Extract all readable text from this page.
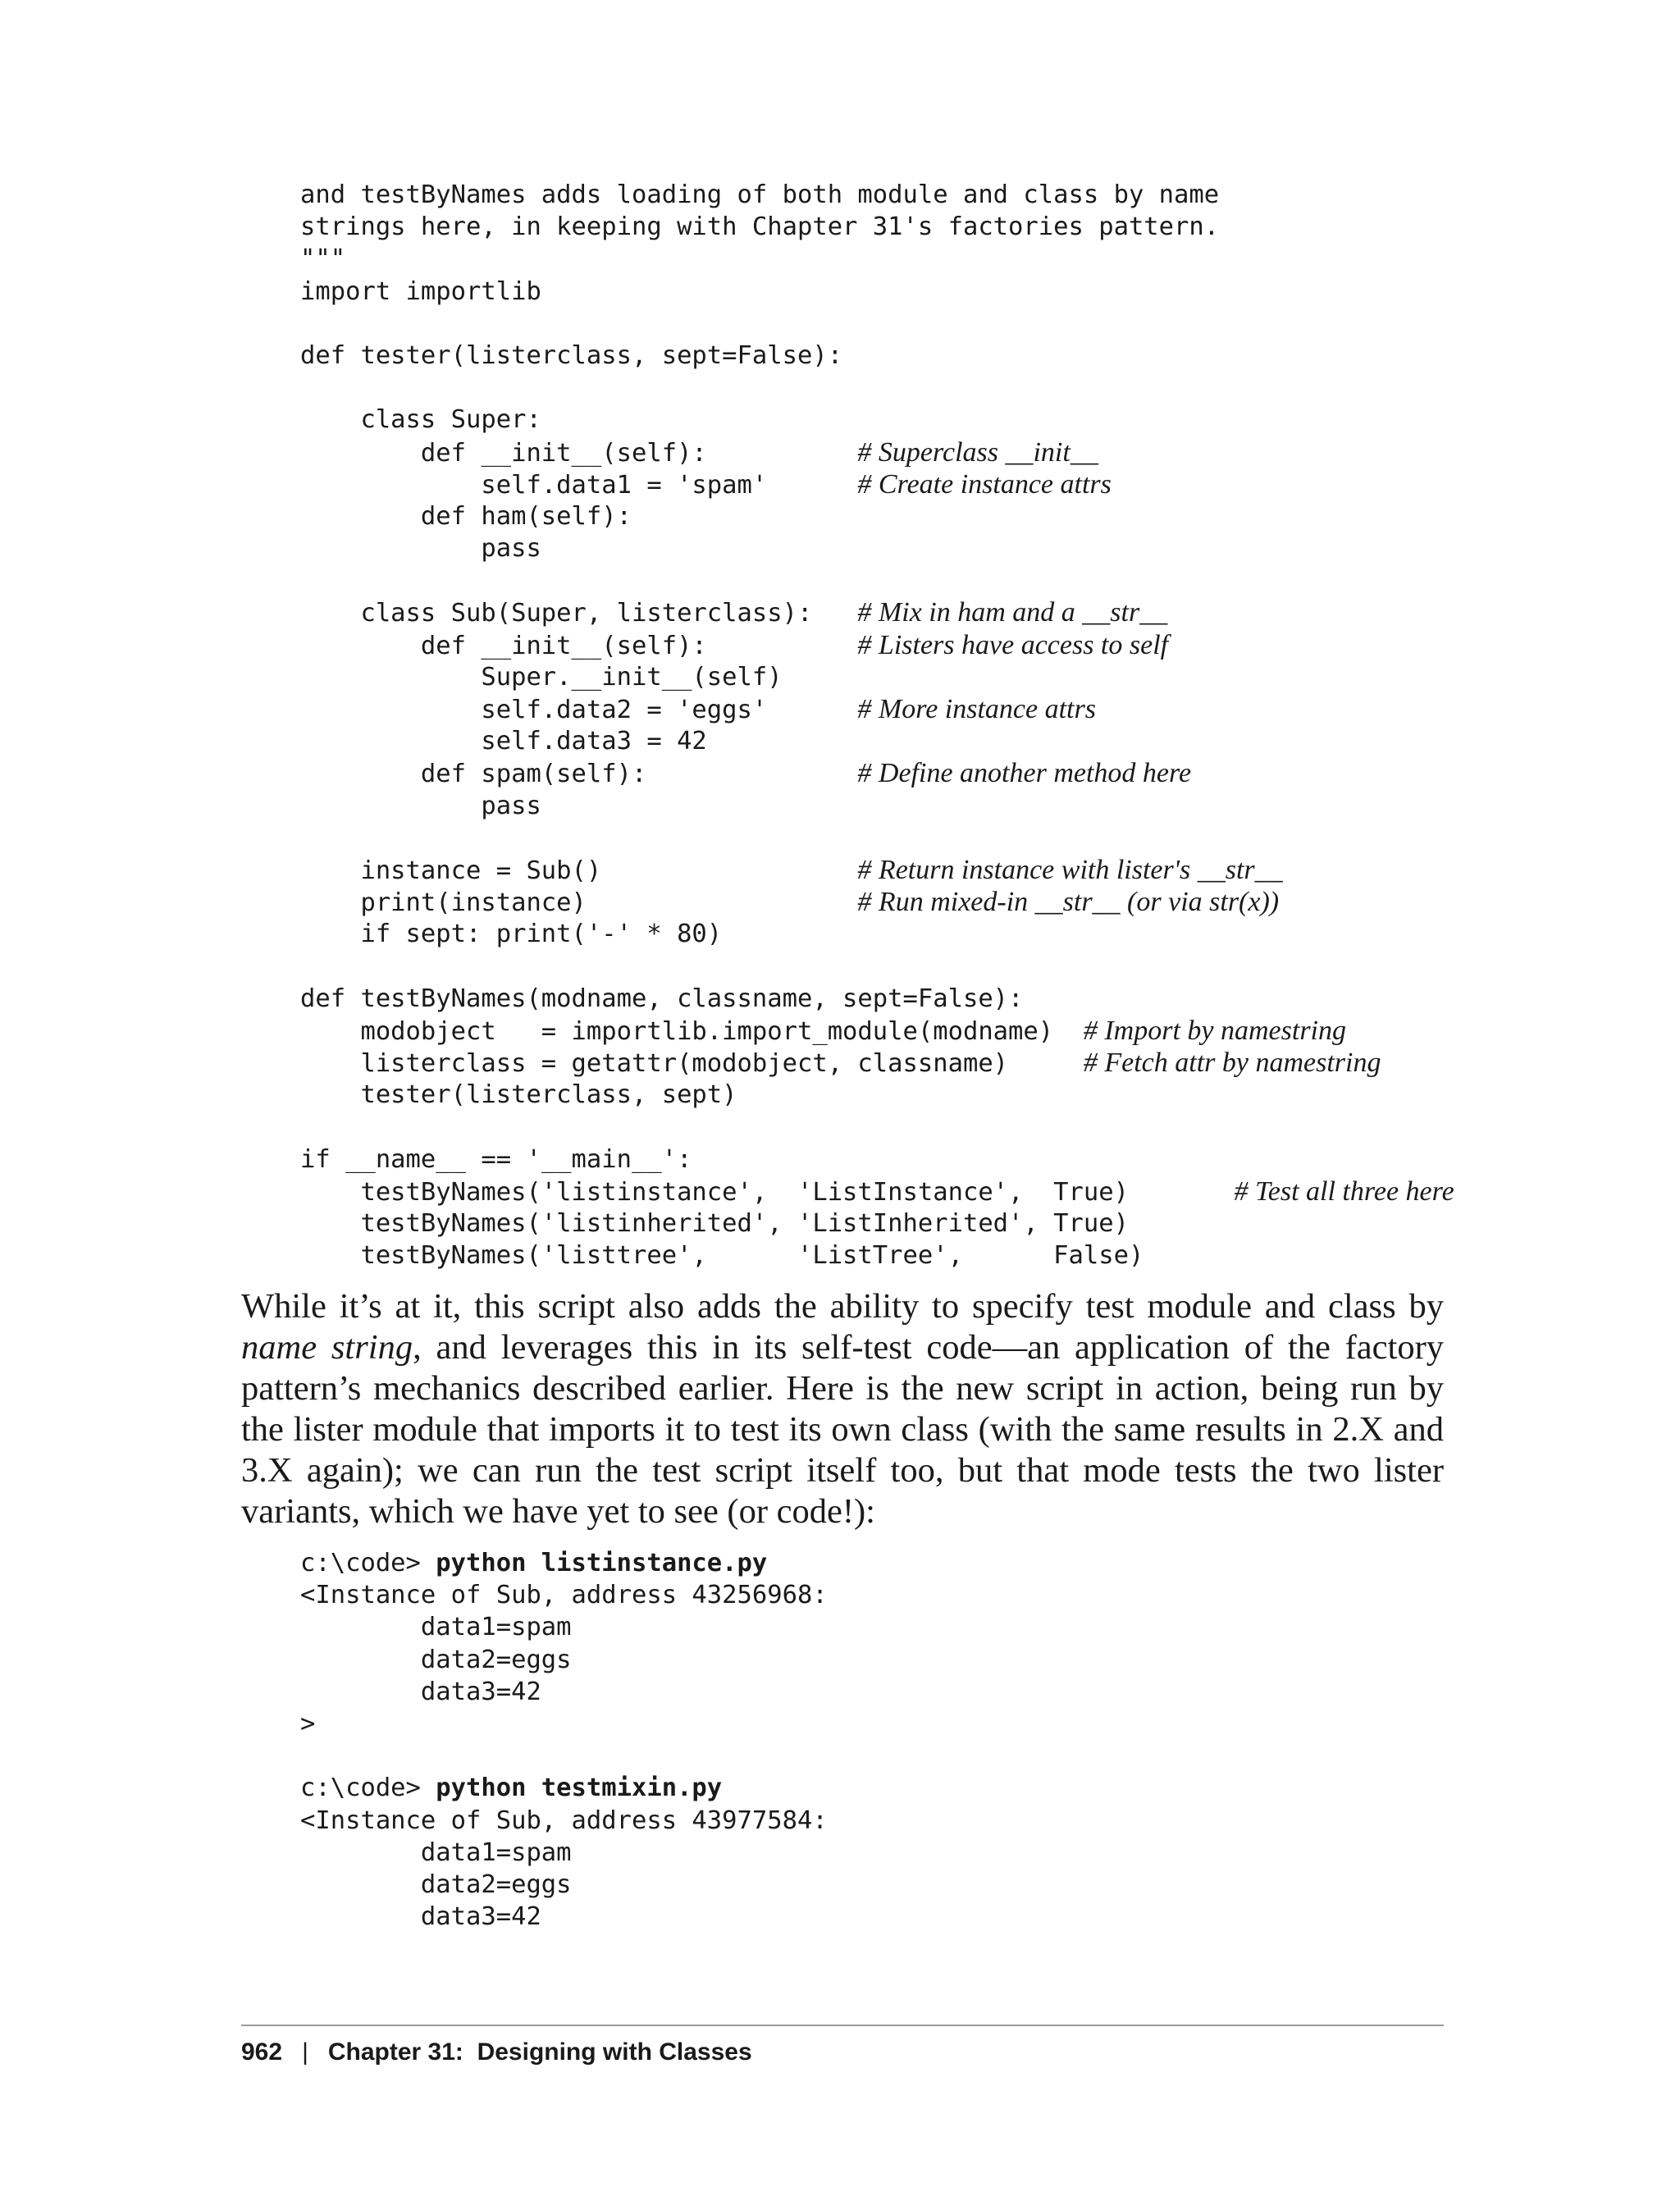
and testByNames adds loading of both module and class by name
strings here, in keeping with Chapter 31's factories pattern.
"""
import importlib
def tester(listerclass, sept=False):
class Super:
def __init__(self):          # Superclass __init__
self.data1 = 'spam'      # Create instance attrs
def ham(self):
pass
class Sub(Super, listerclass):   # Mix in ham and a __str__
def __init__(self):          # Listers have access to self
Super.__init__(self)
self.data2 = 'eggs'      # More instance attrs
self.data3 = 42
def spam(self):              # Define another method here
pass
instance = Sub()                 # Return instance with lister's __str__
print(instance)                  # Run mixed-in __str__ (or via str(x))
if sept: print('-' * 80)
def testByNames(modname, classname, sept=False):
modobject   = importlib.import_module(modname)  # Import by namestring
listerclass = getattr(modobject, classname)     # Fetch attr by namestring
tester(listerclass, sept)
if __name__ == '__main__':
testByNames('listinstance',  'ListInstance',  True)       # Test all three here
testByNames('listinherited', 'ListInherited', True)
testByNames('listtree',      'ListTree',      False)

While it’s at it, this script also adds the ability to specify test module and class by name string, and leverages this in its self-test code—an application of the factory pattern’s mechanics described earlier. Here is the new script in action, being run by the lister module that imports it to test its own class (with the same results in 2.X and 3.X again); we can run the test script itself too, but that mode tests the two lister variants, which we have yet to see (or code!):

c:\code> python listinstance.py
<Instance of Sub, address 43256968:
data1=spam
data2=eggs
data3=42
>
c:\code> python testmixin.py
<Instance of Sub, address 43977584:
data1=spam
data2=eggs
data3=42
962 | Chapter 31:  Designing with Classes
